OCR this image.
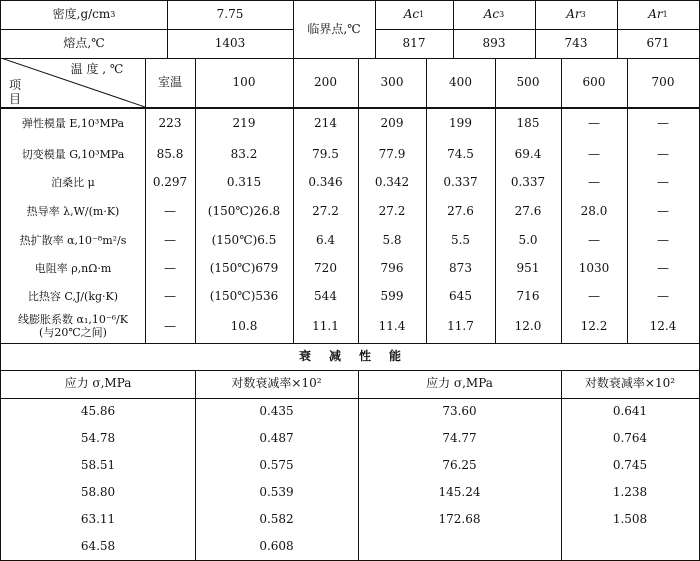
密度,g/cm 3	7.75
熔点,℃	1403
临界点,℃
Ac 1	Ac 3	Ar 3	Ar 1
817	893	743	671
温 度 , ℃
项 目
室温	100	200	300	400	500	600	700
弹性模量 E,10³MPa	223	219	214	209	199	185	—	—
切变模量 G,10³MPa	85.8	83.2	79.5	77.9	74.5	69.4	—	—
泊桑比 μ	0.297	0.315	0.346	0.342	0.337	0.337	—	—
热导率 λ,W/(m·K)	—	(150℃)26.8	27.2	27.2	27.6	27.6	28.0	—
热扩散率 α,10⁻⁸m²/s	—	(150℃)6.5	6.4	5.8	5.5	5.0	—	—
电阻率 ρ,nΩ·m	—	(150℃)679	720	796	873	951	1030	—
比热容 C,J/(kg·K)	—	(150℃)536	544	599	645	716	—	—
线膨胀系数 α₁,10⁻⁶/K
(与20℃之间)	—	10.8	11.1	11.4	11.7	12.0	12.2	12.4
衰减性能
应力 σ,MPa	对数衰减率×10²	应力 σ,MPa	对数衰减率×10²
45.86	0.435	73.60	0.641
54.78	0.487	74.77	0.764
58.51	0.575	76.25	0.745
58.80	0.539	145.24	1.238
63.11	0.582	172.68	1.508
64.58	0.608
